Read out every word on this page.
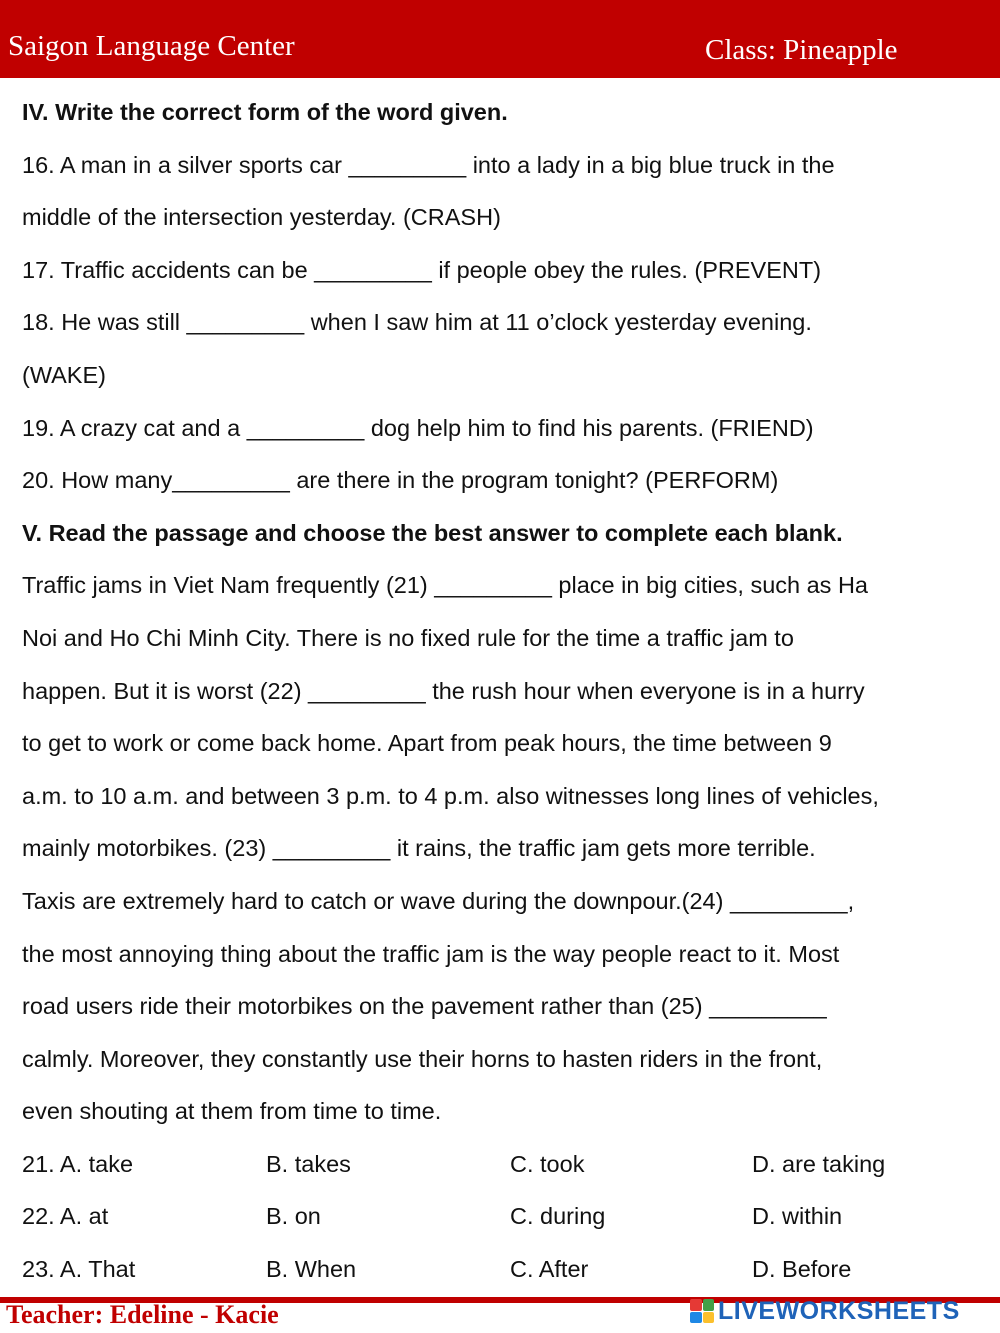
Saigon Language Center	Class: Pineapple
IV. Write the correct form of the word given.
16. A man in a silver sports car _________ into a lady in a big blue truck in the
middle of the intersection yesterday. (CRASH)
17. Traffic accidents can be _________ if people obey the rules. (PREVENT)
18. He was still _________ when I saw him at 11 o’clock yesterday evening.
(WAKE)
19. A crazy cat and a _________ dog help him to find his parents. (FRIEND)
20. How many_________ are there in the program tonight? (PERFORM)
V. Read the passage and choose the best answer to complete each blank.
Traffic jams in Viet Nam frequently (21) _________ place in big cities, such as Ha
Noi and Ho Chi Minh City. There is no fixed rule for the time a traffic jam to
happen. But it is worst (22) _________ the rush hour when everyone is in a hurry
to get to work or come back home. Apart from peak hours, the time between 9
a.m. to 10 a.m. and between 3 p.m. to 4 p.m. also witnesses long lines of vehicles,
mainly motorbikes. (23) _________ it rains, the traffic jam gets more terrible.
Taxis are extremely hard to catch or wave during the downpour.(24) _________,
the most annoying thing about the traffic jam is the way people react to it. Most
road users ride their motorbikes on the pavement rather than (25) _________
calmly. Moreover, they constantly use their horns to hasten riders in the front,
even shouting at them from time to time.
21. A. take	B. takes	C. took	D. are taking
22. A. at	B. on	C. during	D. within
23. A. That	B. When	C. After	D. Before
Teacher: Edeline - Kacie	LIVEWORKSHEETS
